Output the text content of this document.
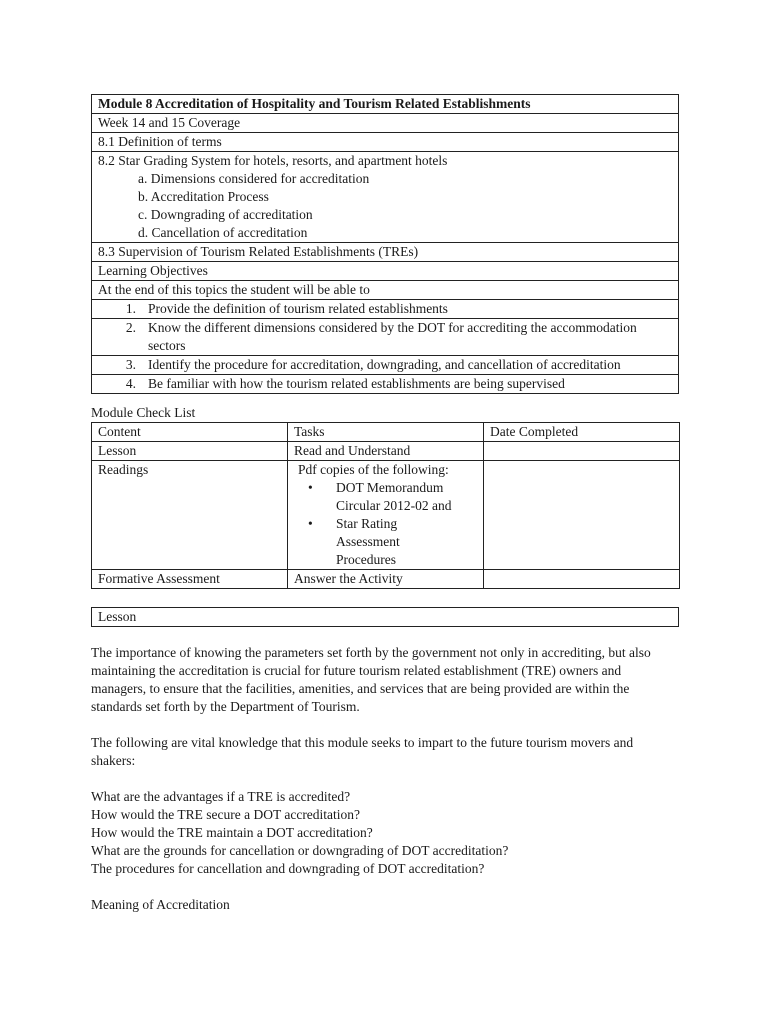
Module 8 Accreditation of Hospitality and Tourism Related Establishments
Week 14 and 15 Coverage
8.1 Definition of terms

8.2 Star Grading System for hotels, resorts, and apartment hotels
a. Dimensions considered for accreditation
b. Accreditation Process
c. Downgrading of accreditation
d. Cancellation of accreditation

8.3 Supervision of Tourism Related Establishments (TREs)
Learning Objectives
At the end of this topics the student will be able to

1. Provide the definition of tourism related establishments

2. Know the different dimensions considered by the DOT for accrediting the accommodation sectors

3. Identify the procedure for accreditation, downgrading, and cancellation of accreditation

4. Be familiar with how the tourism related establishments are being supervised

Module Check List

Content	Tasks	Date Completed
Lesson	Read and Understand	
Readings	Pdf copies of the following:
• DOT Memorandum Circular 2012-02 and
• Star Rating Assessment Procedures	

Formative Assessment	Answer the Activity	
Lesson

The importance of knowing the parameters set forth by the government not only in accrediting, but also maintaining the accreditation is crucial for future tourism related establishment (TRE) owners and managers, to ensure that the facilities, amenities, and services that are being provided are within the standards set forth by the Department of Tourism.

The following are vital knowledge that this module seeks to impart to the future tourism movers and shakers:

What are the advantages if a TRE is accredited?

How would the TRE secure a DOT accreditation?

How would the TRE maintain a DOT accreditation?

What are the grounds for cancellation or downgrading of DOT accreditation?

The procedures for cancellation and downgrading of DOT accreditation?

Meaning of Accreditation
